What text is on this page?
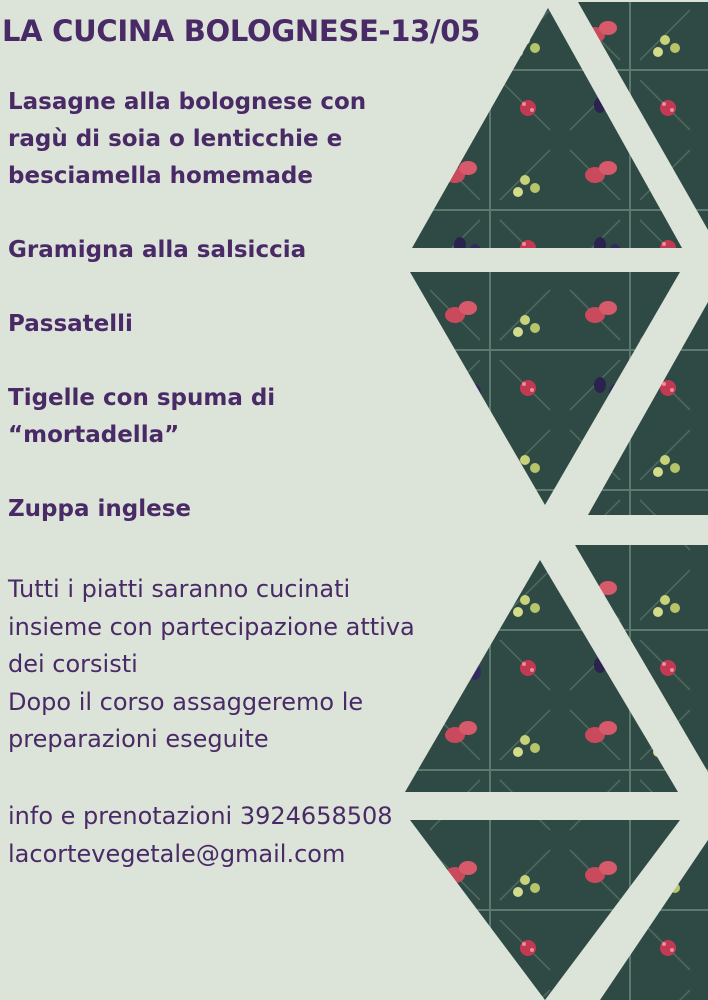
LA CUCINA BOLOGNESE-13/05
Lasagne alla bolognese con ragù di soia o lenticchie e besciamella homemade
Gramigna alla salsiccia
Passatelli
Tigelle con spuma di “mortadella”
Zuppa inglese

Tutti i piatti saranno cucinati insieme con partecipazione attiva dei corsisti

Dopo il corso assaggeremo le preparazioni eseguite

info e prenotazioni 3924658508

lacortevegetale@gmail.com
